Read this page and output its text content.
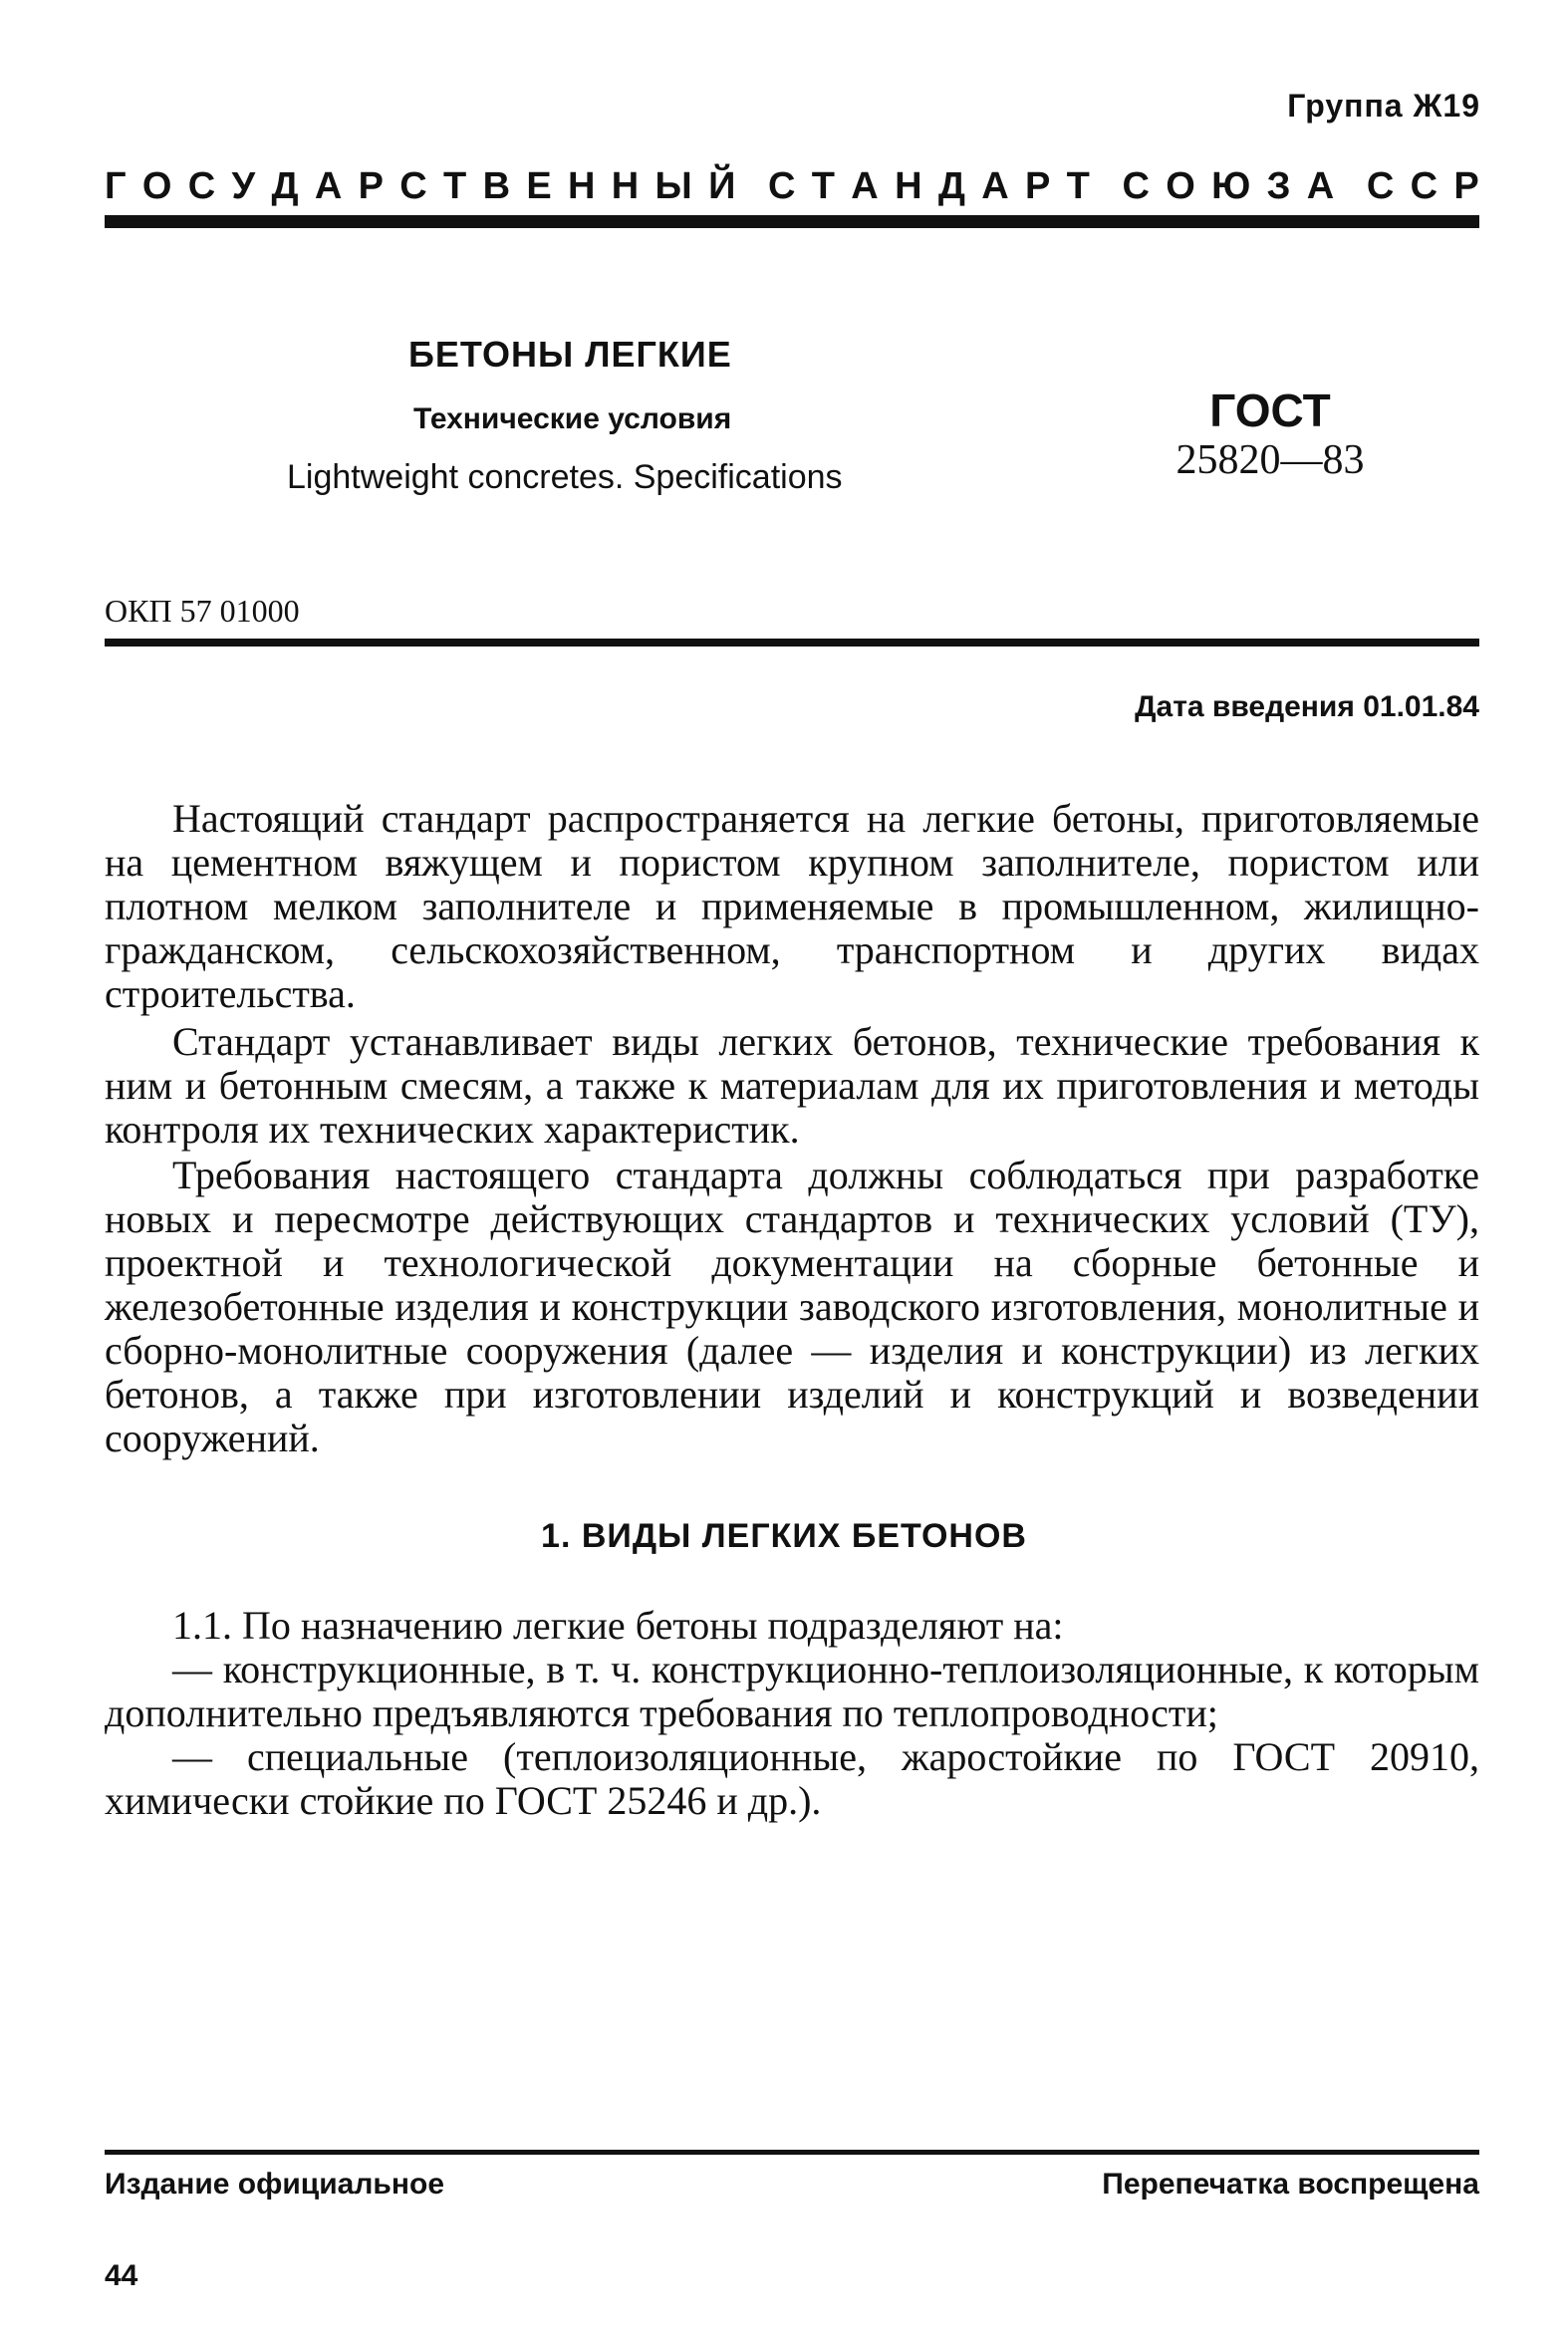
Группа Ж19
Г О С У Д А Р С Т В Е Н Н Ы Й С Т А Н Д А Р Т С О Ю З А С С Р
БЕТОНЫ ЛЕГКИЕ
Технические условия
Lightweight concretes. Specifications
ГОСТ
25820—83
ОКП 57 01000
Дата введения 01.01.84

Настоящий стандарт распространяется на легкие бетоны, приготовляемые на цементном вяжущем и пористом крупном заполнителе, пористом или плотном мелком заполнителе и применяемые в промышленном, жилищно-гражданском, сельскохозяйственном, транспортном и других видах строительства.

Стандарт устанавливает виды легких бетонов, технические требования к ним и бетонным смесям, а также к материалам для их приготовления и методы контроля их технических характеристик.

Требования настоящего стандарта должны соблюдаться при разработке новых и пересмотре действующих стандартов и технических условий (ТУ), проектной и технологической документации на сборные бетонные и железобетонные изделия и конструкции заводского изготовления, монолитные и сборно-монолитные сооружения (далее — изделия и конструкции) из легких бетонов, а также при изготовлении изделий и конструкций и возведении сооружений.

1. ВИДЫ ЛЕГКИХ БЕТОНОВ

1.1. По назначению легкие бетоны подразделяют на:

— конструкционные, в т. ч. конструкционно-теплоизоляционные, к которым дополнительно предъявляются требования по теплопроводности;

— специальные (теплоизоляционные, жаростойкие по ГОСТ 20910, химически стойкие по ГОСТ 25246 и др.).

Издание официальное	Перепечатка воспрещена
44
